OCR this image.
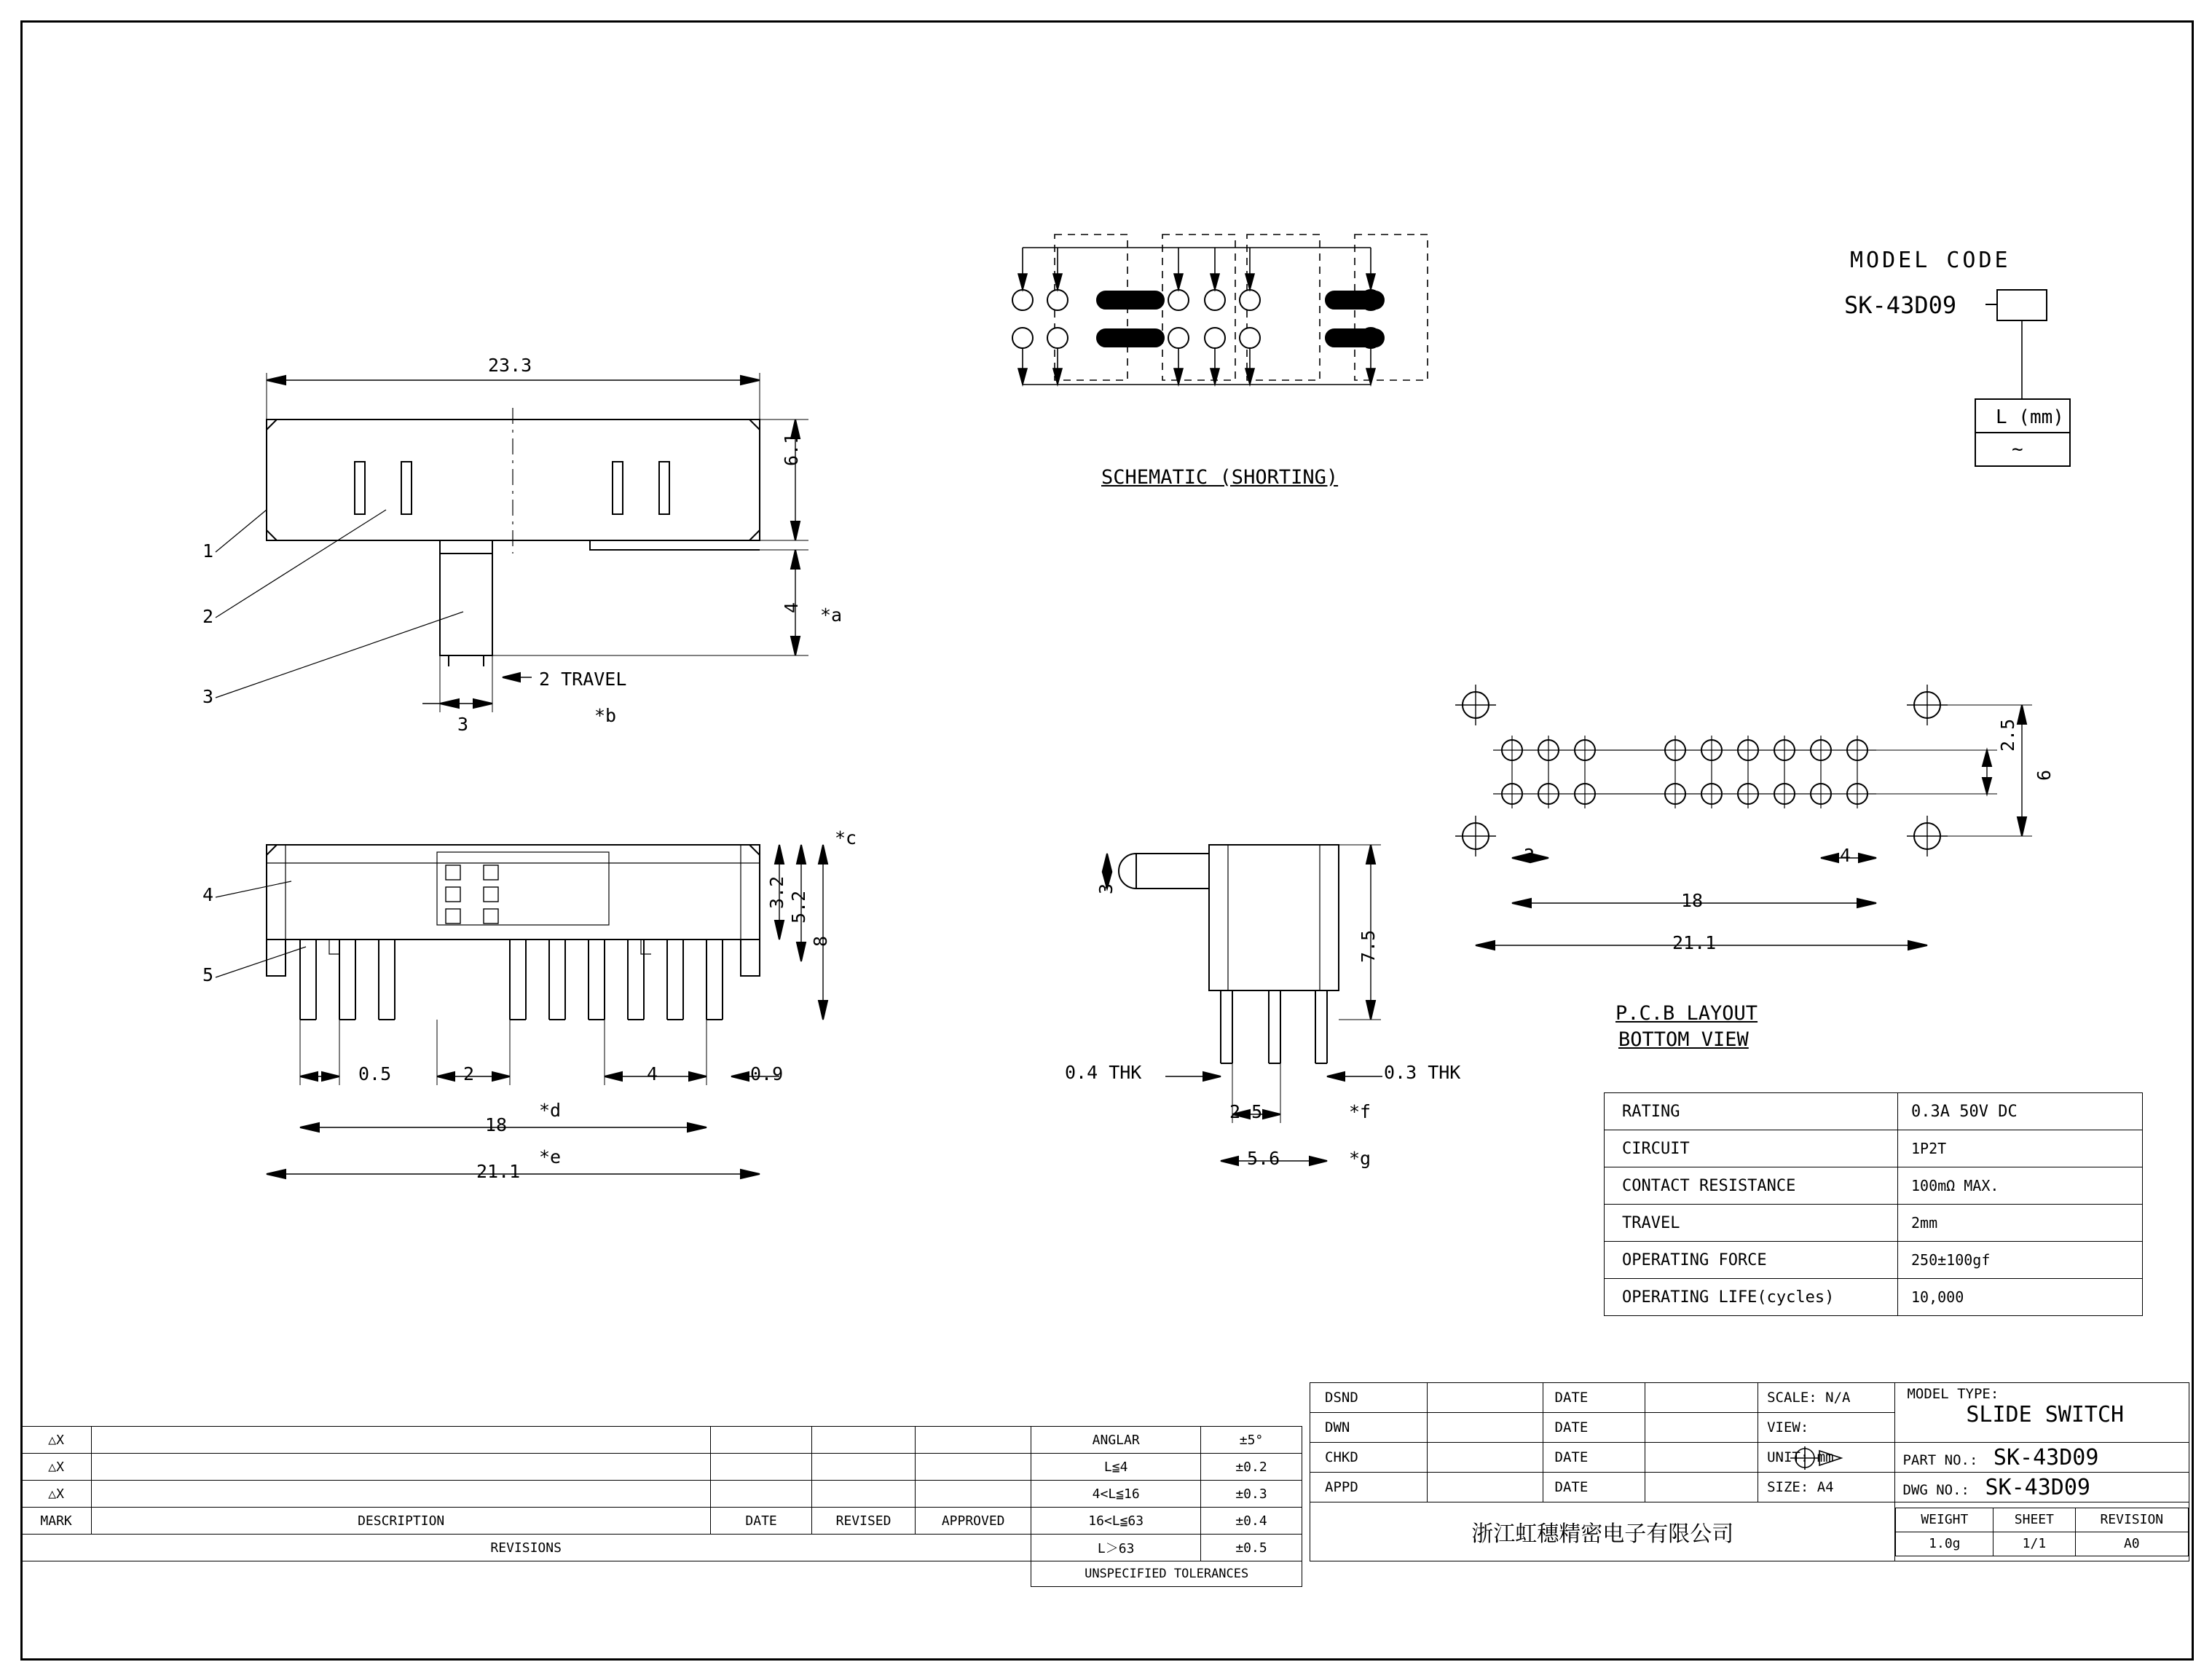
23.3
6.1
4 *a
3
2 TRAVEL
*b
1
2
3
*c
3.2 5.2
8
0.5	2	4	0.9
18
*d
21.1
*e
4
5
3
7.5
0.4 THK	0.3 THK
2.5	*f
5.6	*g
SCHEMATIC (SHORTING)
MODEL CODE
SK-43D09
L (mm)
~
2.5
6
2	4
18
21.1
P.C.B LAYOUT
BOTTOM VIEW
RATING	0.3A 50V DC
CIRCUIT	1P2T
CONTACT RESISTANCE	100mΩ MAX.
TRAVEL	2mm
OPERATING FORCE	250±100gf
OPERATING LIFE(cycles)	10,000
△X					ANGLAR	±5°
△X					L≦4	±0.2
△X					4<L≦16	±0.3
MARK	DESCRIPTION	DATE	REVISED	APPROVED	16<L≦63	±0.4
REVISIONS					L＞63	±0.5
					UNSPECIFIED TOLERANCES	
DSND		DATE		SCALE: N/A	MODEL TYPE:
SLIDE SWITCH

DWN		DATE		VIEW:
CHKD		DATE		UNIT: mm	PART NO.: SK-43D09
APPD		DATE		SIZE: A4	DWG NO.: SK-43D09
浙江虹穗精密电子有限公司	
WEIGHT	SHEET	REVISION
1.0g	1/1	A0
